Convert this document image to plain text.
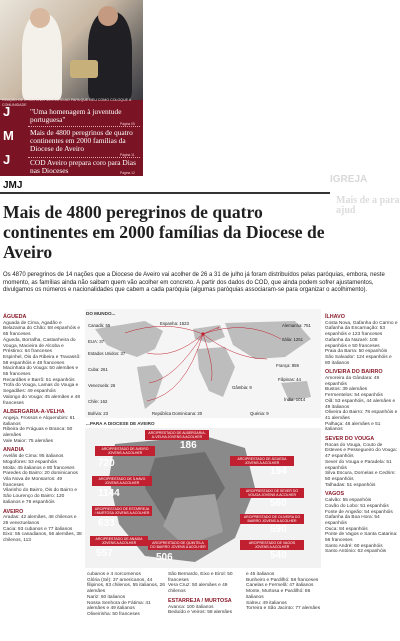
REAÇÃO DE D. ANTÓNIO MOITEIRO AO PAPA QUE DEU COMO COLOQUE A COMUNIDADE
J
M
J
"Uma homenagem à juventude portuguesa"	Página 05
Mais de 4800 peregrinos de quatro continentes em 2000 famílias da Diocese de Aveiro
Página 11
COD Aveiro prepara coro para Dias nas Dioceses	Página 12
JMJ
IGREJA
Mais de a para ajud
Mais de 4800 peregrinos de quatro continentes em 2000 famílias da Diocese de Aveiro
Os 4870 peregrinos de 14 nações que a Diocese de Aveiro vai acolher de 26 a 31 de julho já foram distribuídos pelas paróquias, embora, neste momento, as famílias ainda não saibam quem vão acolher em concreto. A partir dos dados do COD, que ainda podem sofrer ajustamentos, divulgamos os números e nacionalidades que cabem a cada paróquia (algumas paróquias associaram-se para organizar o acolhimento).
ÁGUEDA

Aguada de Cima, Agadão e Belazaima do Chão: 58 espanhóis e 65 franceses

Águeda, Borralha, Castanheira do Vouga, Macieira de Alcoba e Préstimo: 64 franceses

Espinhel, Óis da Ribeira e Travassô: 58 espanhóis e 48 franceses

Macinhata do Vouga: 50 alemães e 55 franceses

Recardães e Barrô: 51 espanhóis

Trofa do Vouga, Lamas do Vouga e Segadães: 49 espanhóis

Valongo do Vouga: 45 alemães e 48 franceses

ALBERGARIA-A-VELHA

Angeja, Frossos e Alquerubim: 61 italianos

Ribeira de Fráguas e Branca: 50 alemães

Vale Maior: 75 alemães

ANADIA

Avelãs de Cima: 95 italianos

Mogofores: 53 espanhóis

Moita: 45 italianos e 80 franceses

Paredes do Bairro: 20 dominicanos

Vila Nova de Monsarros: 49 franceses

Vilarinho do Bairro, Óis do Bairro e São Lourenço do Bairro: 120 italianos e 78 espanhóis

AVEIRO

Aradas: 42 alemães, 48 chilenos e 26 venezuelanos

Cacia: 93 cubanos e 77 italianos

Eixo: 55 canadianos, 56 alemães, 38 chilenos, 113

DO MUNDO...
Canadá: 55	Espanha: 1523	Alemanha: 751
Itália: 1251
EUA: 37
Estados Unidos: 37
França: 859
Cuba: 261
Filipinas: 44
Venezuela: 26
Chile: 162
Gâmbia: 9
Bolívia: 23	República Dominicana: 20	Quénia: 9
Índia: 1014
...PARA A DIOCESE DE AVEIRO
ARCIPRESTADO DE ALBERGARIA-A-VELHA JOVENS A ACOLHER
186
ARCIPRESTADO DE ÁGUEDA JOVENS A ACOLHER
194
ARCIPRESTADO DE AVEIRO JOVENS A ACOLHER
720
ARCIPRESTADO DE SEVER DO VOUGA JOVENS A ACOLHER
560
ARCIPRESTADO DE ÍLHAVO JOVENS A ACOLHER
1144
ARCIPRESTADO DE OLIVEIRA DO BAIRRO JOVENS A ACOLHER
590
ARCIPRESTADO DE ESTARREJA / MURTOSA JOVENS A ACOLHER
633
ARCIPRESTADO DE VAGOS JOVENS A ACOLHER
540
ARCIPRESTADO DE QUINTELA DO BAIRRO JOVENS A ACOLHER
506
ARCIPRESTADO DE ANADIA JOVENS A ACOLHER
557
ÍLHAVO

Costa Nova, Gafanha do Carmo e Gafanha da Encarnação: 53 espanhóis e 123 franceses

Gafanha da Nazaré: 108 espanhóis e 50 franceses

Praia da Barra: 50 espanhóis

São Salvador: 124 espanhóis e 80 italianos

OLIVEIRA DO BAIRRO

Amoreira da Gândara: 49 espanhóis

Bustos: 39 alemães

Fermentelos: 54 espanhóis

Oiã: 53 espanhóis, 44 alemães e 49 italianos

Oliveira do Bairro: 78 espanhóis e 41 alemães

Palhaça: 48 alemães e 51 italianos

SEVER DO VOUGA

Rocas do Vouga, Couto de Esteves e Pessegueiro do Vouga: 47 espanhóis

Sever do Vouga e Paradela: 51 espanhóis

Silva Escura, Dornelas e Cedrim: 50 espanhóis

Talhadas: 51 espanhóis

VAGOS

Calvão: 55 espanhóis

Covão do Lobo: 51 espanhóis

Fonte de Angeão: 54 espanhóis

Gafanha da Boa Hora: 54 espanhóis

Ouca: 84 espanhóis

Ponte de Vagos e Santa Catarina: 56 franceses

Santo André: 60 espanhóis

Santo António: 62 espanhóis

cubanos e 4 norcomenos

Glória (Sé): 37 americanos, 44 filipinos, 63 chilenos, 55 italianos, 26 alemães

Nariz: 60 italianos

Nossa Senhora de Fátima: 41 alemães e 49 italianos

Oliveirinha: 50 franceses

São Bernardo, Eixo e Eirol: 50 franceses

Vera Cruz: 50 alemães e 49 chilenos

ESTARREJA / MURTOSA

Avanca: 100 italianos

Beduído e Veiros: 58 alemães

e 45 italianos

Bunheiro e Pardilhó: 58 franceses

Canelas e Fermelã: 47 italianos

Monte, Murtosa e Pardilhó: 86 italianos

Salreu: 49 italianos

Torreira e São Jacinto: 77 alemães
